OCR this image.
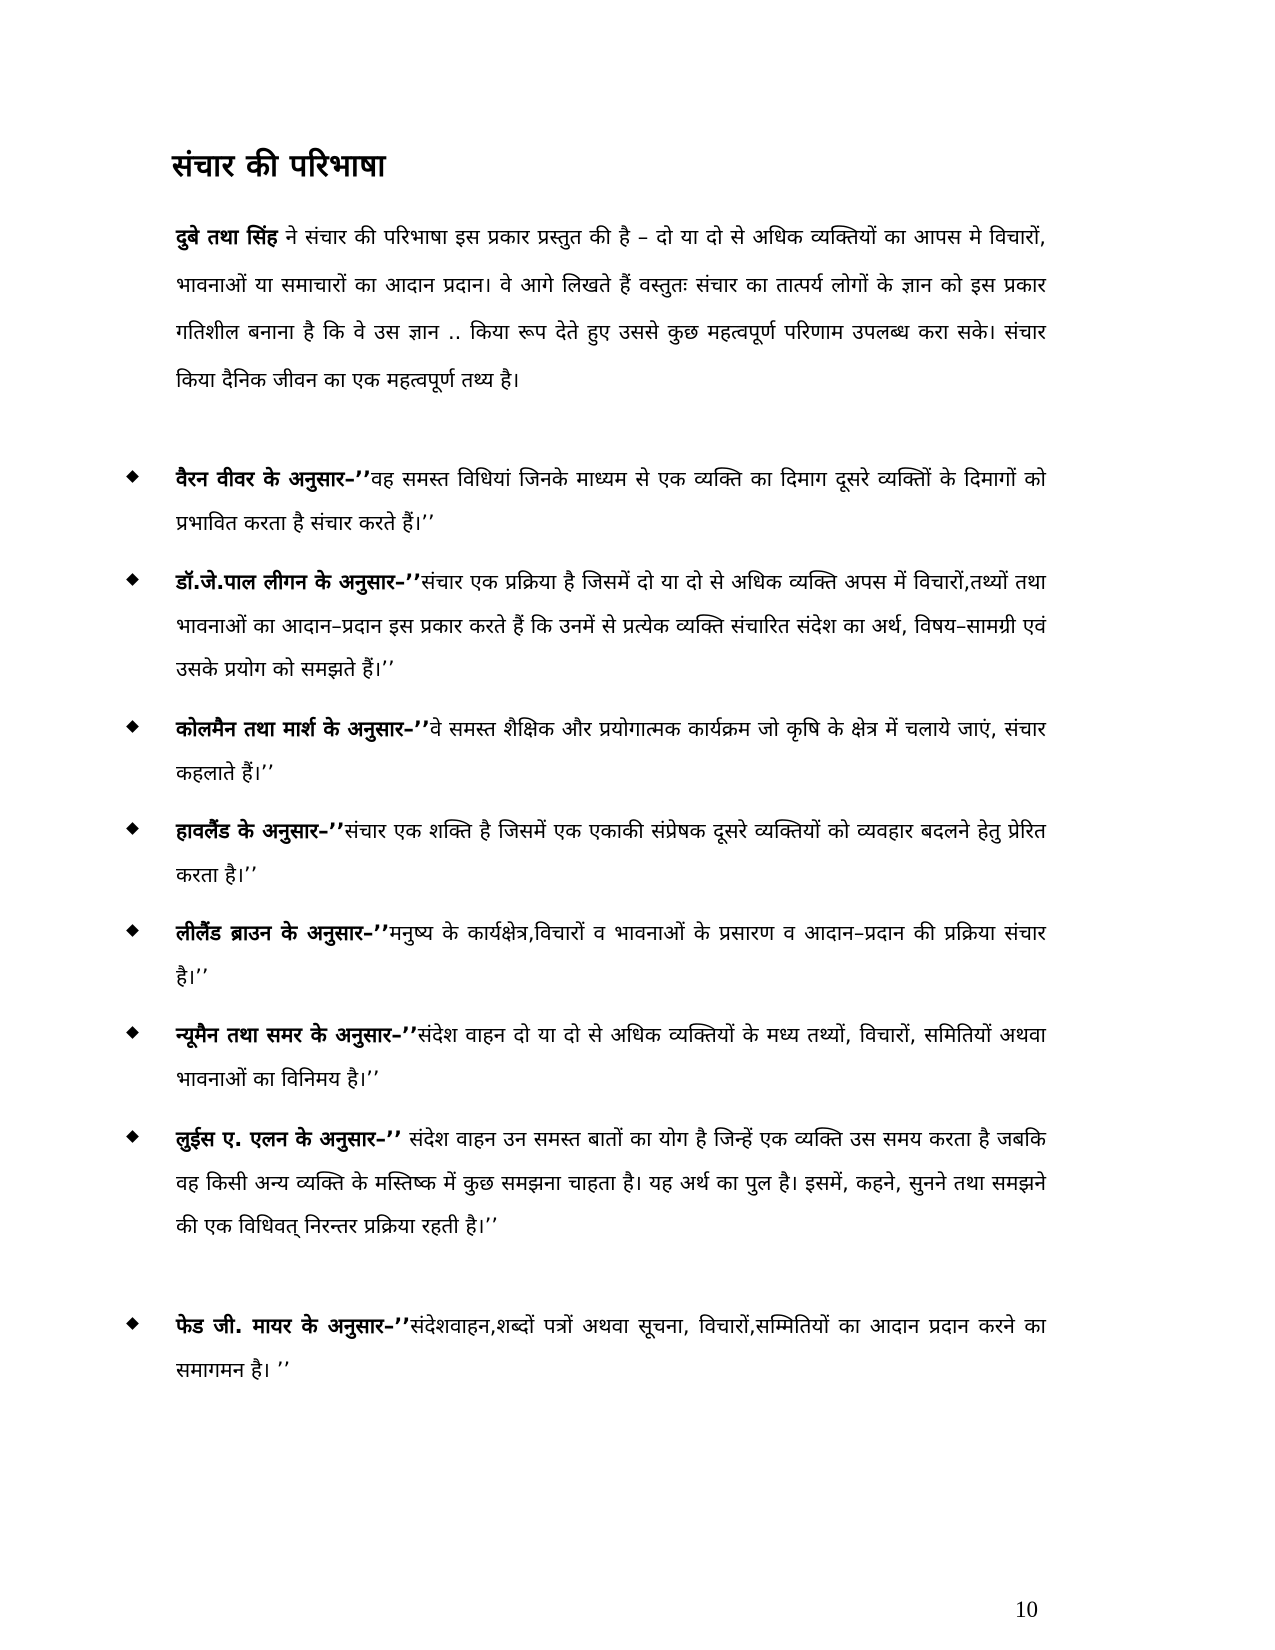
संचार की परिभाषा

दुबे तथा सिंह ने संचार की परिभाषा इस प्रकार प्रस्तुत की है – दो या दो से अधिक व्यक्तियों का आपस मे विचारों, भावनाओं या समाचारों का आदान प्रदान। वे आगे लिखते हैं वस्तुतः संचार का तात्पर्य लोगों के ज्ञान को इस प्रकार गतिशील बनाना है कि वे उस ज्ञान .. किया रूप देते हुए उससे कुछ महत्वपूर्ण परिणाम उपलब्ध करा सके। संचार किया दैनिक जीवन का एक महत्वपूर्ण तथ्य है।

वैरन वीवर के अनुसार–’’वह समस्त विधियां जिनके माध्यम से एक व्यक्ति का दिमाग दूसरे व्यक्तिों के दिमागों को प्रभावित करता है संचार करते हैं।’’

डॉ.जे.पाल लीगन के अनुसार–’’संचार एक प्रक्रिया है जिसमें दो या दो से अधिक व्यक्ति अपस में विचारों,तथ्यों तथा भावनाओं का आदान–प्रदान इस प्रकार करते हैं कि उनमें से प्रत्येक व्यक्ति संचारित संदेश का अर्थ, विषय–सामग्री एवं उसके प्रयोग को समझते हैं।’’

कोलमैन तथा मार्श के अनुसार–’’वे समस्त शैक्षिक और प्रयोगात्मक कार्यक्रम जो कृषि के क्षेत्र में चलाये जाएं, संचार कहलाते हैं।’’

हावलैंड के अनुसार–’’संचार एक शक्ति है जिसमें एक एकाकी संप्रेषक दूसरे व्यक्तियों को व्यवहार बदलने हेतु प्रेरित करता है।’’

लीलैंड ब्राउन के अनुसार–’’मनुष्य के कार्यक्षेत्र,विचारों व भावनाओं के प्रसारण व आदान–प्रदान की प्रक्रिया संचार है।’’

न्यूमैन तथा समर के अनुसार–’’संदेश वाहन दो या दो से अधिक व्यक्तियों के मध्य तथ्यों, विचारों, समितियों अथवा भावनाओं का विनिमय है।’’

लुईस ए. एलन के अनुसार–’’ संदेश वाहन उन समस्त बातों का योग है जिन्हें एक व्यक्ति उस समय करता है जबकि वह किसी अन्य व्यक्ति के मस्तिष्क में कुछ समझना चाहता है। यह अर्थ का पुल है। इसमें, कहने, सुनने तथा समझने की एक विधिवत् निरन्तर प्रक्रिया रहती है।’’

फेड जी. मायर के अनुसार–’’संदेशवाहन,शब्दों पत्रों अथवा सूचना, विचारों,सम्मितियों का आदान प्रदान करने का समागमन है। ’’

10
